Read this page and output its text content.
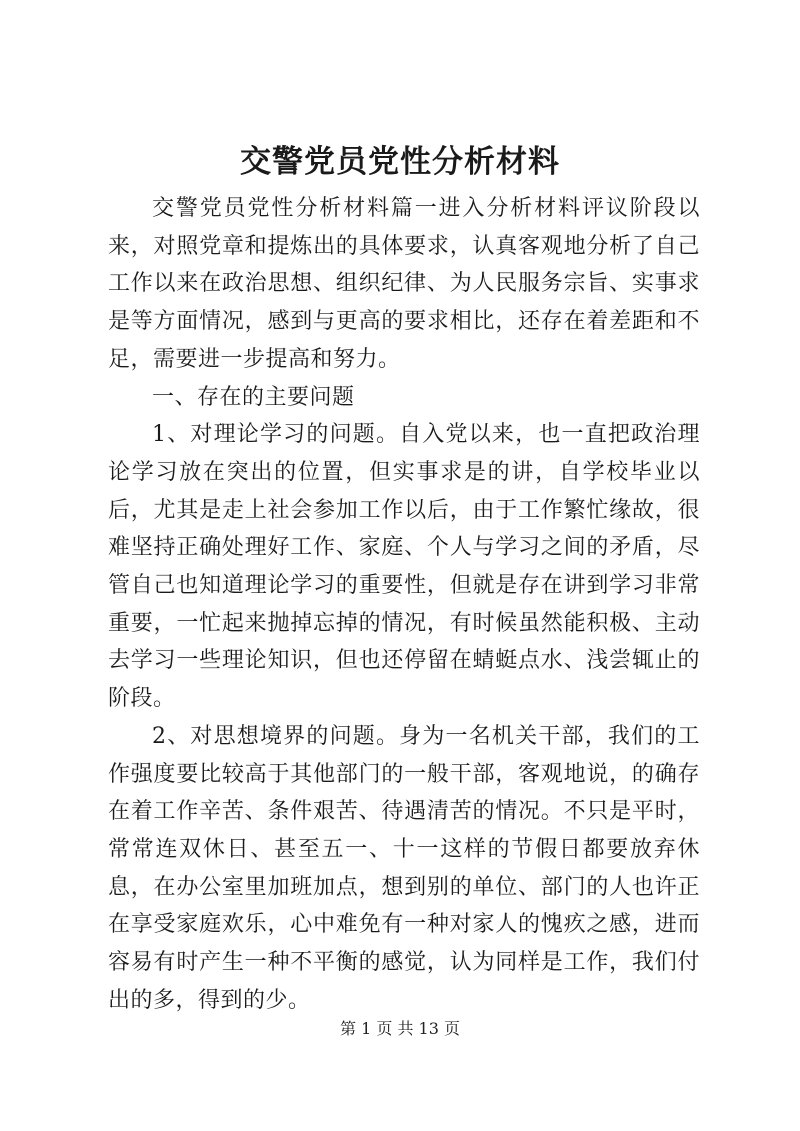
交警党员党性分析材料

交警党员党性分析材料篇一进入分析材料评议阶段以来，对照党章和提炼出的具体要求，认真客观地分析了自己工作以来在政治思想、组织纪律、为人民服务宗旨、实事求是等方面情况，感到与更高的要求相比，还存在着差距和不足，需要进一步提高和努力。

一、存在的主要问题

1、对理论学习的问题。自入党以来，也一直把政治理论学习放在突出的位置，但实事求是的讲，自学校毕业以后，尤其是走上社会参加工作以后，由于工作繁忙缘故，很难坚持正确处理好工作、家庭、个人与学习之间的矛盾，尽管自己也知道理论学习的重要性，但就是存在讲到学习非常重要，一忙起来抛掉忘掉的情况，有时候虽然能积极、主动去学习一些理论知识，但也还停留在蜻蜓点水、浅尝辄止的阶段。

2、对思想境界的问题。身为一名机关干部，我们的工作强度要比较高于其他部门的一般干部，客观地说，的确存在着工作辛苦、条件艰苦、待遇清苦的情况。不只是平时，常常连双休日、甚至五一、十一这样的节假日都要放弃休息，在办公室里加班加点，想到别的单位、部门的人也许正在享受家庭欢乐，心中难免有一种对家人的愧疚之感，进而容易有时产生一种不平衡的感觉，认为同样是工作，我们付出的多，得到的少。

第 1 页 共 13 页
